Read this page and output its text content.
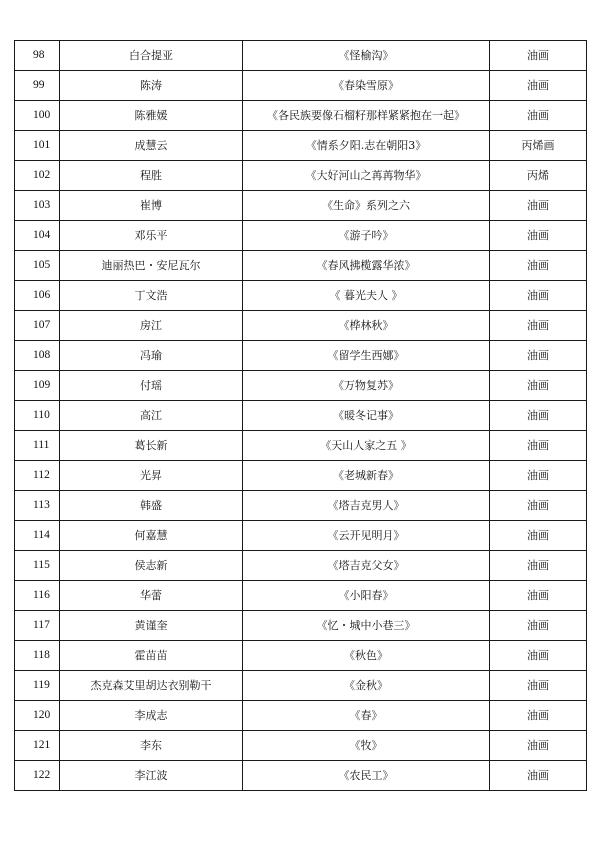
98	白合提亚	《怪榆沟》	油画
99	陈涛	《春染雪原》	油画
100	陈雅媛	《各民族要像石榴籽那样紧紧抱在一起》	油画
101	成慧云	《情系夕阳.志在朝阳3》	丙烯画
102	程胜	《大好河山之苒苒物华》	丙烯
103	崔博	《生命》系列之六	油画
104	邓乐平	《游子吟》	油画
105	迪丽热巴・安尼瓦尔	《春风拂榄露华浓》	油画
106	丁文浩	《 暮光夫人 》	油画
107	房江	《桦林秋》	油画
108	冯瑜	《留学生西娜》	油画
109	付瑶	《万物复苏》	油画
110	高江	《暖冬记事》	油画
111	葛长新	《天山人家之五 》	油画
112	光昇	《老城新春》	油画
113	韩盛	《塔吉克男人》	油画
114	何嘉慧	《云开见明月》	油画
115	侯志新	《塔吉克父女》	油画
116	华蕾	《小阳春》	油画
117	黄谨奎	《忆・城中小巷三》	油画
118	霍苗苗	《秋色》	油画
119	杰克森艾里胡达衣别勒干	《金秋》	油画
120	李成志	《春》	油画
121	李东	《牧》	油画
122	李江波	《农民工》	油画
